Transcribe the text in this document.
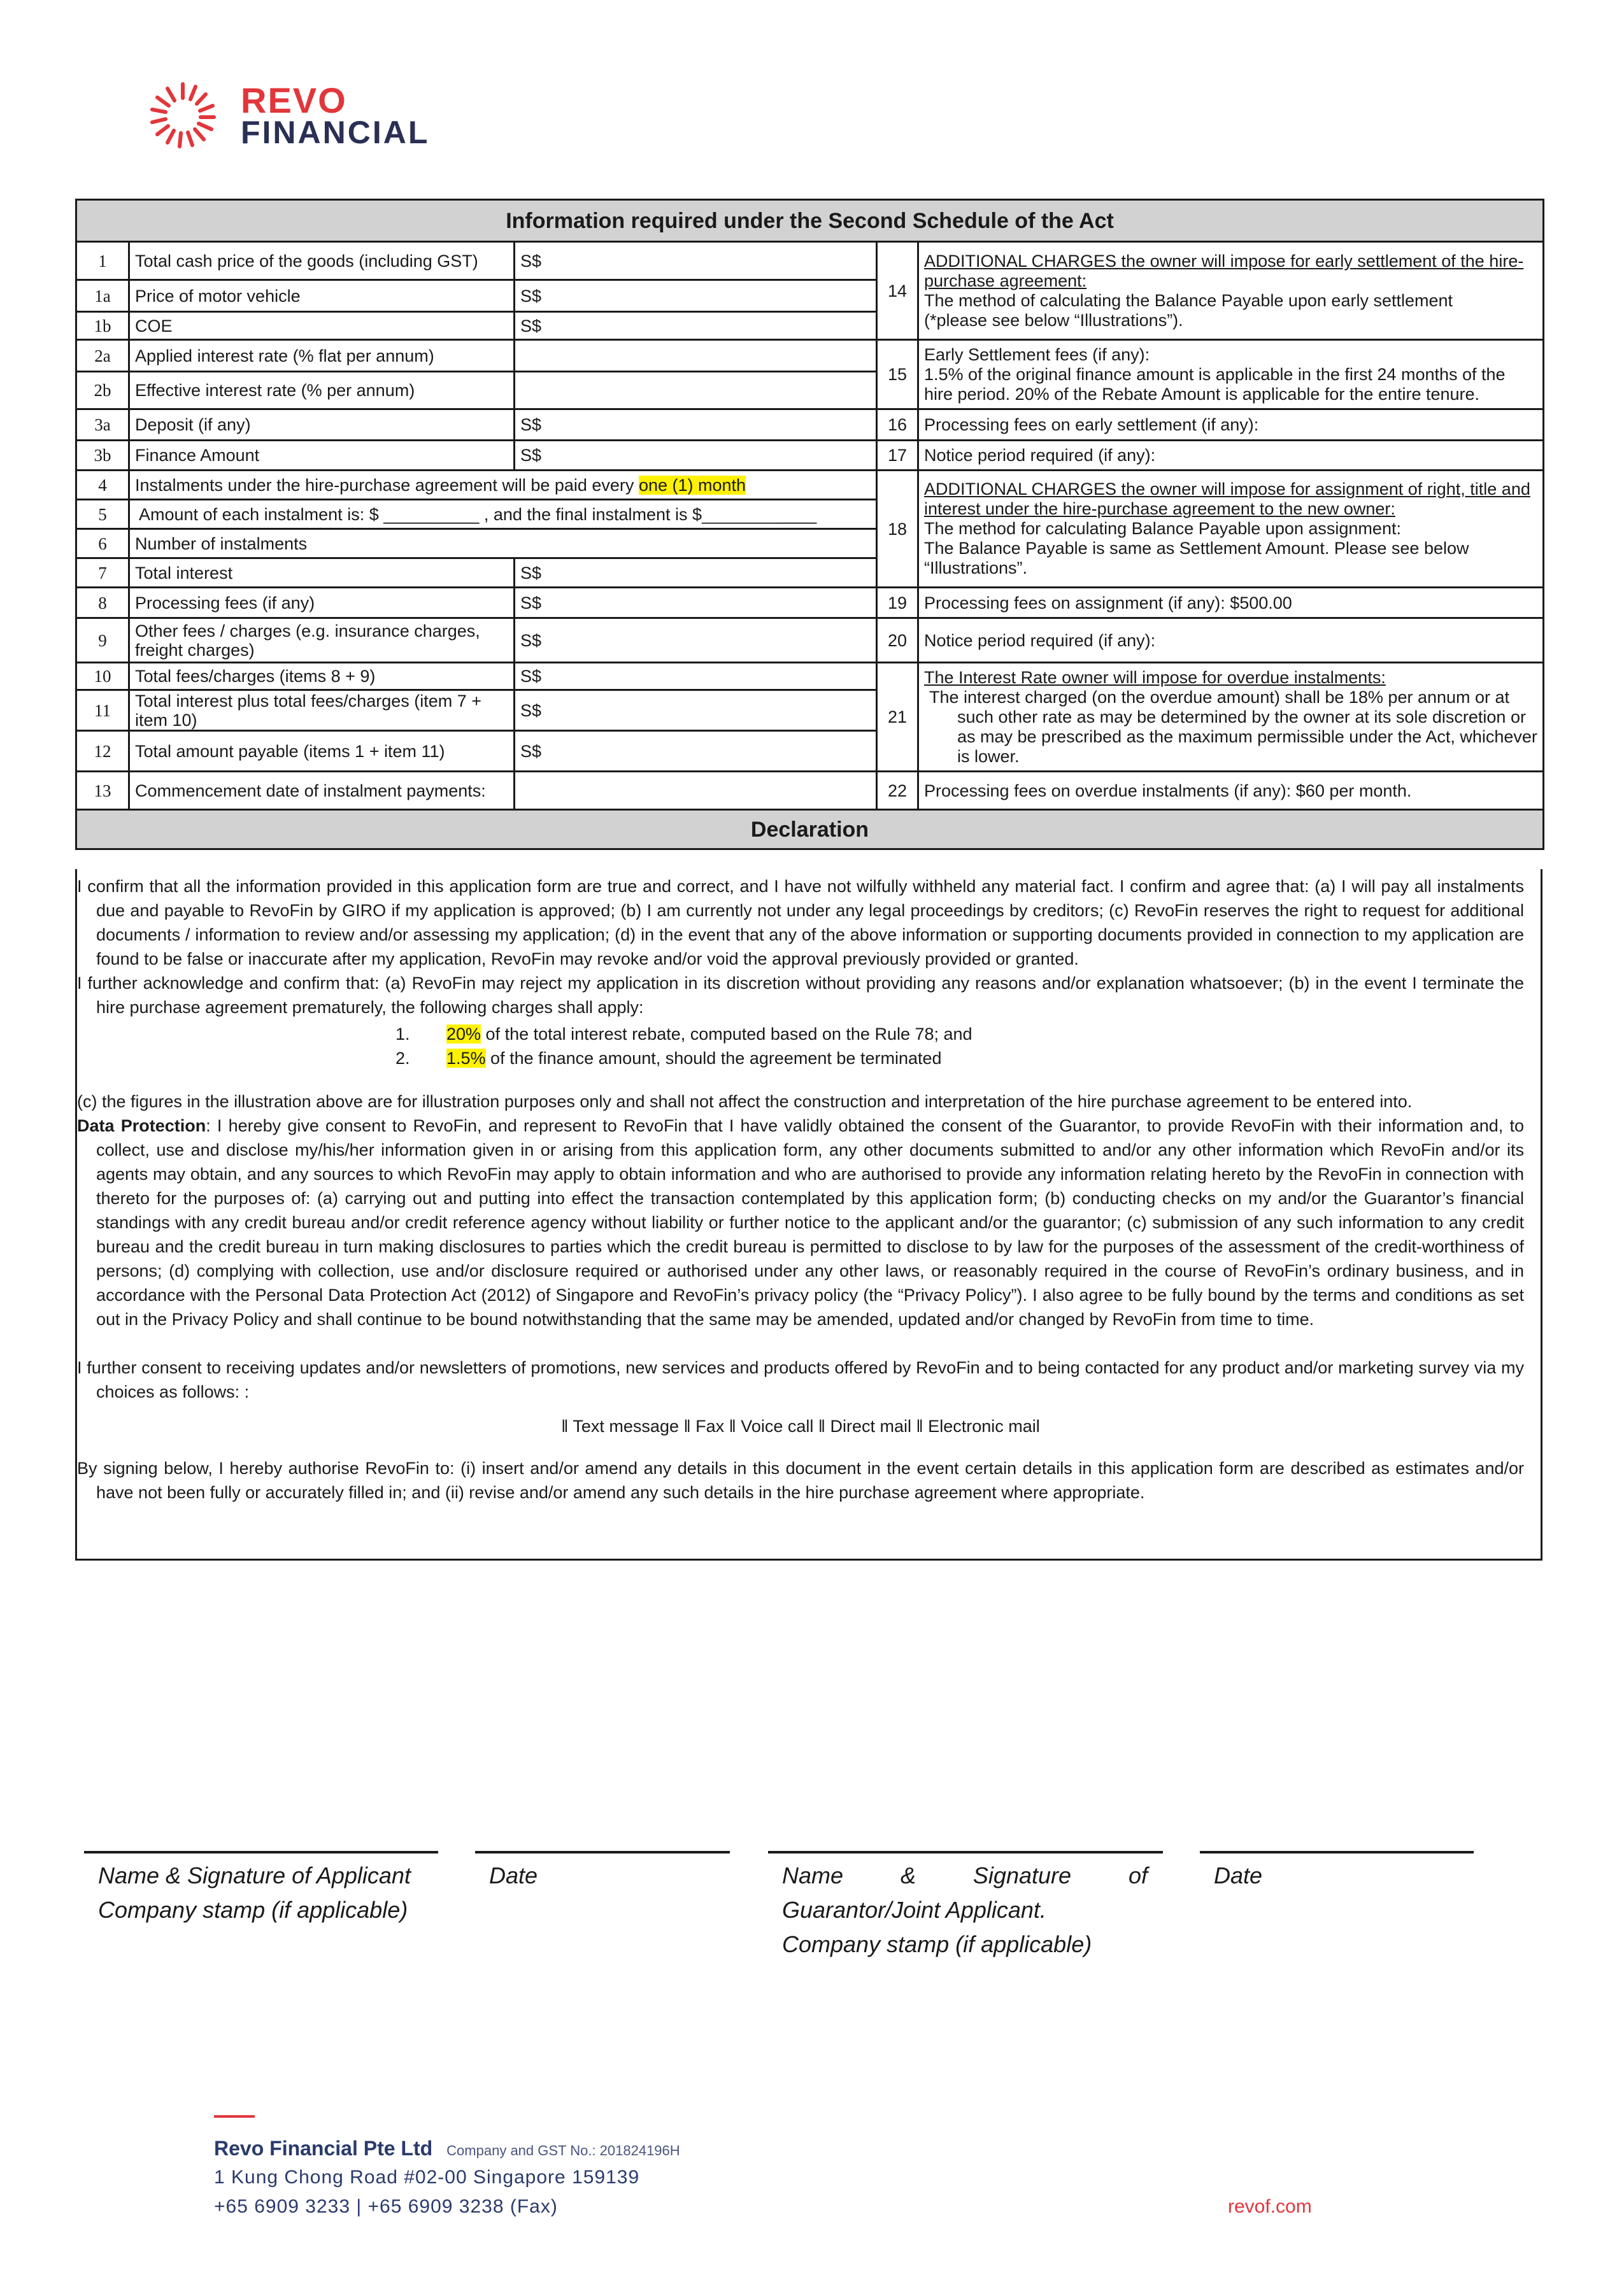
REVO
FINANCIAL
Information required under the Second Schedule of the Act				
1	Total cash price of the goods (including GST)	S$	14	ADDITIONAL CHARGES the owner will impose for early settlement of the hire-purchase agreement:
The method of calculating the Balance Payable upon early settlement
(*please see below “Illustrations”).
1a	Price of motor vehicle	S$		
1b	COE	S$		
2a	Applied interest rate (% flat per annum)		15	Early Settlement fees (if any):
1.5% of the original finance amount is applicable in the first 24 months of the hire period. 20% of the Rebate Amount is applicable for the entire tenure.
2b	Effective interest rate (% per annum)			
3a	Deposit (if any)	S$	16	Processing fees on early settlement (if any):
3b	Finance Amount	S$	17	Notice period required (if any):
4	Instalments under the hire-purchase agreement will be paid every one (1) month		18	ADDITIONAL CHARGES the owner will impose for assignment of right, title and interest under the hire-purchase agreement to the new owner:
The method for calculating Balance Payable upon assignment:
The Balance Payable is same as Settlement Amount. Please see below “Illustrations”.
5	Amount of each instalment is: $ __________ , and the final instalment is $____________			
6	Number of instalments			
7	Total interest	S$		
8	Processing fees (if any)	S$	19	Processing fees on assignment (if any): $500.00
9	Other fees / charges (e.g. insurance charges, freight charges)	S$	20	Notice period required (if any):
10	Total fees/charges (items 8 + 9)	S$	21	The Interest Rate owner will impose for overdue instalments:
The interest charged (on the overdue amount) shall be 18% per annum or at such other rate as may be determined by the owner at its sole discretion or as may be prescribed as the maximum permissible under the Act, whichever is lower.

11	Total interest plus total fees/charges (item 7 + item 10)	S$		
12	Total amount payable (items 1 + item 11)	S$		
13	Commencement date of instalment payments:		22	Processing fees on overdue instalments (if any): $60 per month.
Declaration				

I confirm that all the information provided in this application form are true and correct, and I have not wilfully withheld any material fact. I confirm and agree that: (a) I will pay all instalments due and payable to RevoFin by GIRO if my application is approved; (b) I am currently not under any legal proceedings by creditors; (c) RevoFin reserves the right to request for additional documents / information to review and/or assessing my application; (d) in the event that any of the above information or supporting documents provided in connection to my application are found to be false or inaccurate after my application, RevoFin may revoke and/or void the approval previously provided or granted.

I further acknowledge and confirm that: (a) RevoFin may reject my application in its discretion without providing any reasons and/or explanation whatsoever; (b) in the event I terminate the hire purchase agreement prematurely, the following charges shall apply:

1. 20% of the total interest rebate, computed based on the Rule 78; and
2. 1.5% of the finance amount, should the agreement be terminated

(c) the figures in the illustration above are for illustration purposes only and shall not affect the construction and interpretation of the hire purchase agreement to be entered into.

Data Protection: I hereby give consent to RevoFin, and represent to RevoFin that I have validly obtained the consent of the Guarantor, to provide RevoFin with their information and, to collect, use and disclose my/his/her information given in or arising from this application form, any other documents submitted to and/or any other information which RevoFin and/or its agents may obtain, and any sources to which RevoFin may apply to obtain information and who are authorised to provide any information relating hereto by the RevoFin in connection with thereto for the purposes of: (a) carrying out and putting into effect the transaction contemplated by this application form; (b) conducting checks on my and/or the Guarantor’s financial standings with any credit bureau and/or credit reference agency without liability or further notice to the applicant and/or the guarantor; (c) submission of any such information to any credit bureau and the credit bureau in turn making disclosures to parties which the credit bureau is permitted to disclose to by law for the purposes of the assessment of the credit-worthiness of persons; (d) complying with collection, use and/or disclosure required or authorised under any other laws, or reasonably required in the course of RevoFin’s ordinary business, and in accordance with the Personal Data Protection Act (2012) of Singapore and RevoFin’s privacy policy (the “Privacy Policy”). I also agree to be fully bound by the terms and conditions as set out in the Privacy Policy and shall continue to be bound notwithstanding that the same may be amended, updated and/or changed by RevoFin from time to time.

I further consent to receiving updates and/or newsletters of promotions, new services and products offered by RevoFin and to being contacted for any product and/or marketing survey via my choices as follows: :

‖ Text message ‖ Fax ‖ Voice call ‖ Direct mail ‖ Electronic mail

By signing below, I hereby authorise RevoFin to: (i) insert and/or amend any details in this document in the event certain details in this application form are described as estimates and/or have not been fully or accurately filled in; and (ii) revise and/or amend any such details in the hire purchase agreement where appropriate.

Name & Signature of Applicant
Company stamp (if applicable)
Date	Name & Signature of
Guarantor/Joint Applicant.
Company stamp (if applicable)
Date
Revo Financial Pte Ltd Company and GST No.: 201824196H
1 Kung Chong Road #02-00 Singapore 159139
+65 6909 3233 | +65 6909 3238 (Fax)	revof.com
